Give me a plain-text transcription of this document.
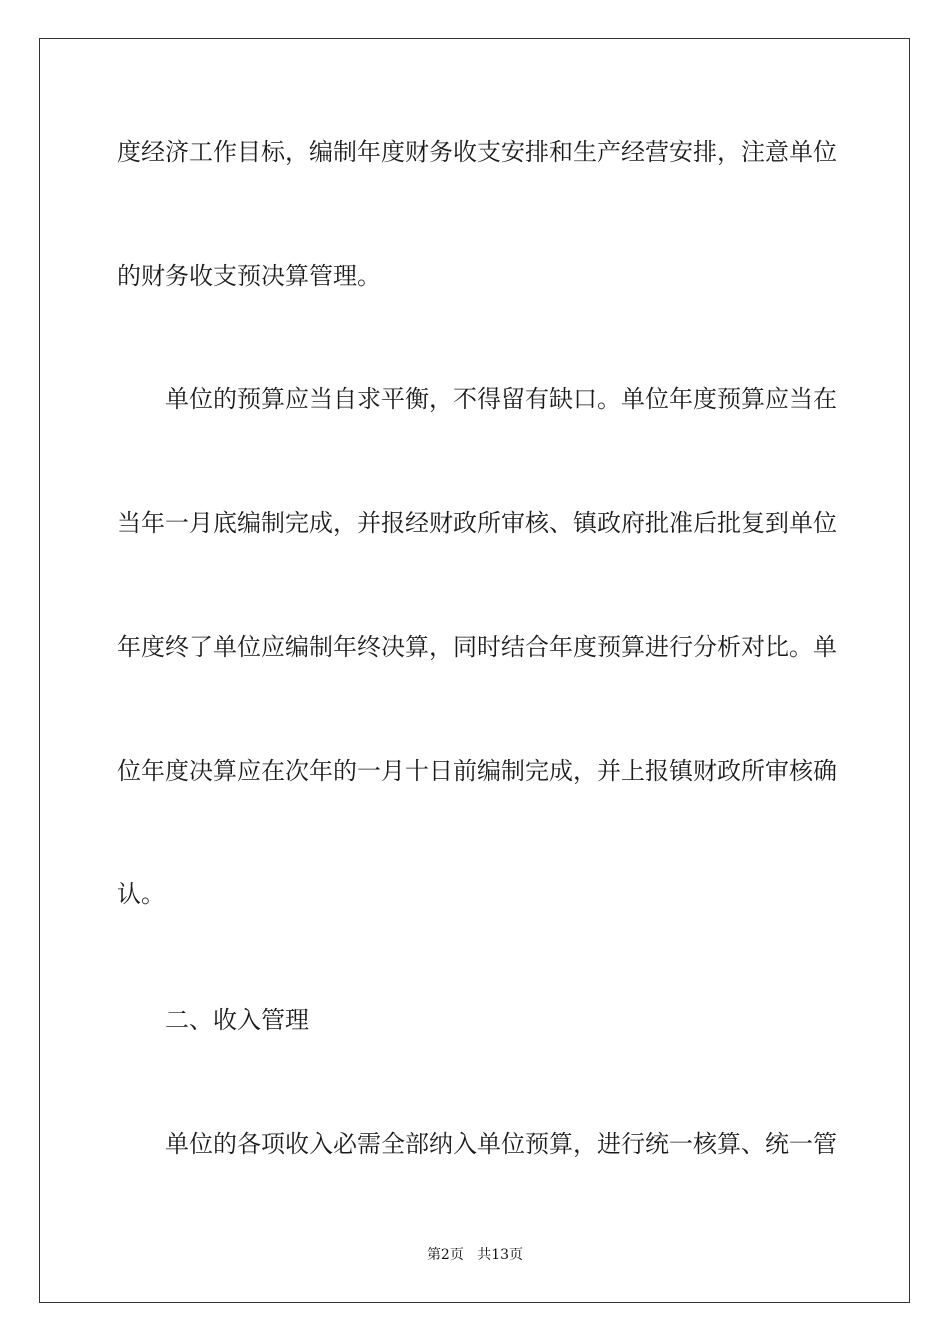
度经济工作目标，编制年度财务收支安排和生产经营安排，注意单位
的财务收支预决算管理。
单位的预算应当自求平衡，不得留有缺口。单位年度预算应当在
当年一月底编制完成，并报经财政所审核、镇政府批准后批复到单位
年度终了单位应编制年终决算，同时结合年度预算进行分析对比。单
位年度决算应在次年的一月十日前编制完成，并上报镇财政所审核确
认。
二、收入管理
单位的各项收入必需全部纳入单位预算，进行统一核算、统一管
第2页 共13页
